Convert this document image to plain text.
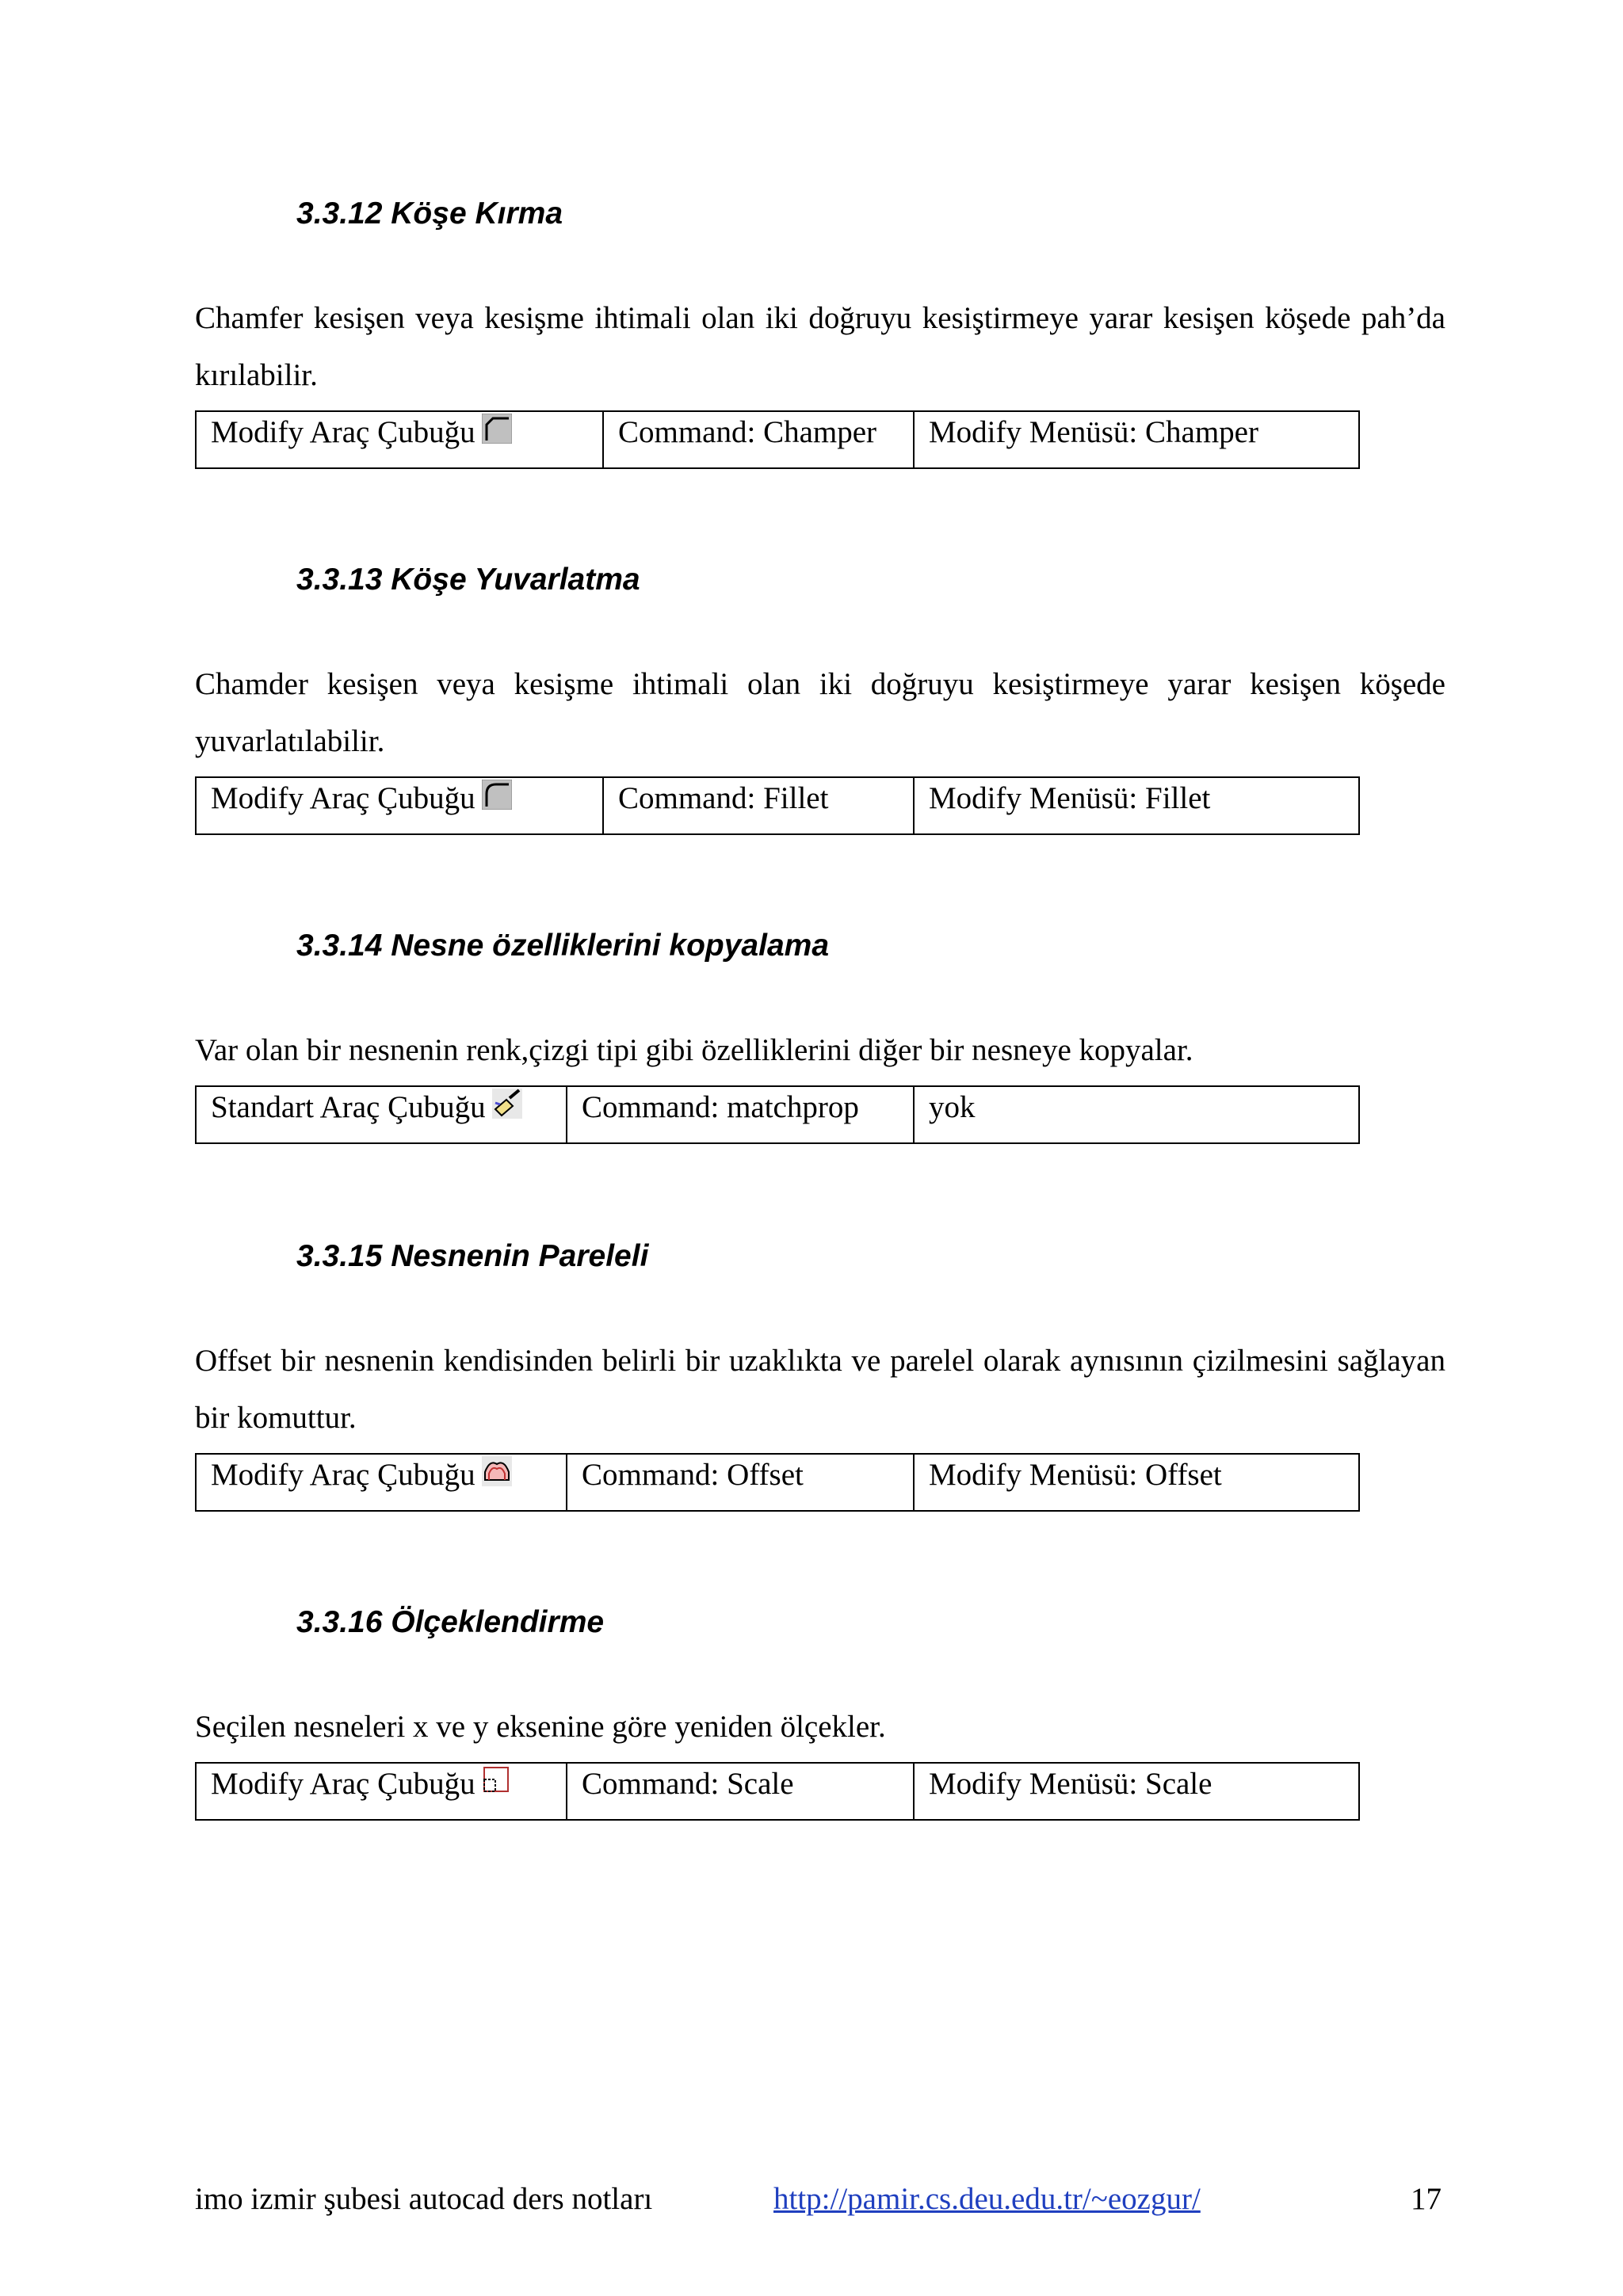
3.3.12 Köşe Kırma
Chamfer kesişen veya kesişme ihtimali olan iki doğruyu kesiştirmeye yarar kesişen köşede pah’da kırılabilir.
Modify Araç Çubuğu	Command: Champer	Modify Menüsü: Champer
3.3.13 Köşe Yuvarlatma
Chamder kesişen veya kesişme ihtimali olan iki doğruyu kesiştirmeye yarar kesişen köşede yuvarlatılabilir.
Modify Araç Çubuğu	Command: Fillet	Modify Menüsü: Fillet
3.3.14 Nesne özelliklerini kopyalama
Var olan bir nesnenin renk,çizgi tipi gibi özelliklerini diğer bir nesneye kopyalar.
Standart Araç Çubuğu	Command: matchprop	yok
3.3.15 Nesnenin Pareleli
Offset bir nesnenin kendisinden belirli bir uzaklıkta ve parelel olarak aynısının çizilmesini sağlayan bir komuttur.
Modify Araç Çubuğu	Command: Offset	Modify Menüsü: Offset
3.3.16 Ölçeklendirme
Seçilen nesneleri x ve y eksenine göre yeniden ölçekler.
Modify Araç Çubuğu	Command: Scale	Modify Menüsü: Scale
imo izmir şubesi autocad ders notları	http://pamir.cs.deu.edu.tr/~eozgur/	17
